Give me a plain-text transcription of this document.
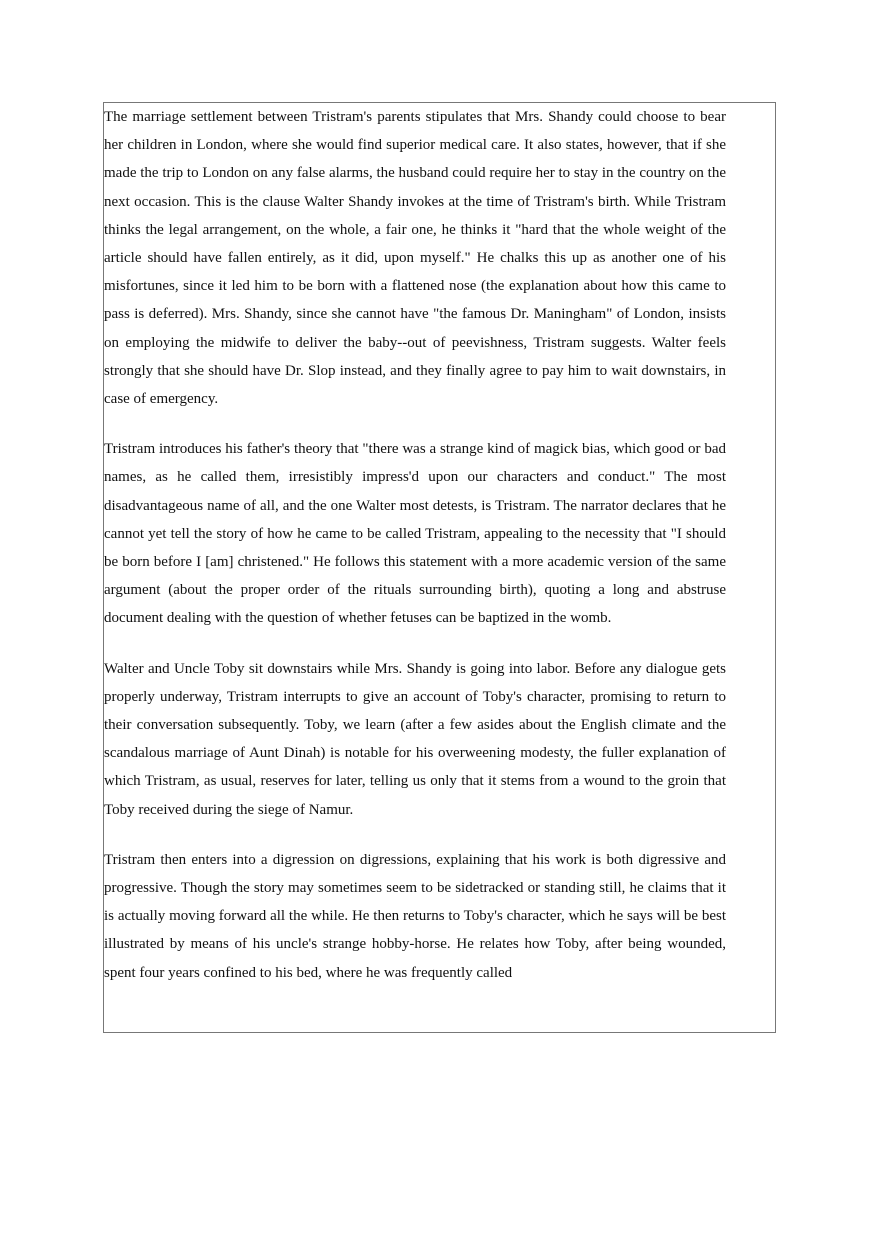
The marriage settlement between Tristram's parents stipulates that Mrs. Shandy could choose to bear her children in London, where she would find superior medical care. It also states, however, that if she made the trip to London on any false alarms, the husband could require her to stay in the country on the next occasion. This is the clause Walter Shandy invokes at the time of Tristram's birth. While Tristram thinks the legal arrangement, on the whole, a fair one, he thinks it "hard that the whole weight of the article should have fallen entirely, as it did, upon myself." He chalks this up as another one of his misfortunes, since it led him to be born with a flattened nose (the explanation about how this came to pass is deferred). Mrs. Shandy, since she cannot have "the famous Dr. Maningham" of London, insists on employing the midwife to deliver the baby--out of peevishness, Tristram suggests. Walter feels strongly that she should have Dr. Slop instead, and they finally agree to pay him to wait downstairs, in case of emergency.

Tristram introduces his father's theory that "there was a strange kind of magick bias, which good or bad names, as he called them, irresistibly impress'd upon our characters and conduct." The most disadvantageous name of all, and the one Walter most detests, is Tristram. The narrator declares that he cannot yet tell the story of how he came to be called Tristram, appealing to the necessity that "I should be born before I [am] christened." He follows this statement with a more academic version of the same argument (about the proper order of the rituals surrounding birth), quoting a long and abstruse document dealing with the question of whether fetuses can be baptized in the womb.

Walter and Uncle Toby sit downstairs while Mrs. Shandy is going into labor. Before any dialogue gets properly underway, Tristram interrupts to give an account of Toby's character, promising to return to their conversation subsequently. Toby, we learn (after a few asides about the English climate and the scandalous marriage of Aunt Dinah) is notable for his overweening modesty, the fuller explanation of which Tristram, as usual, reserves for later, telling us only that it stems from a wound to the groin that Toby received during the siege of Namur.

Tristram then enters into a digression on digressions, explaining that his work is both digressive and progressive. Though the story may sometimes seem to be sidetracked or standing still, he claims that it is actually moving forward all the while. He then returns to Toby's character, which he says will be best illustrated by means of his uncle's strange hobby-horse. He relates how Toby, after being wounded, spent four years confined to his bed, where he was frequently called
